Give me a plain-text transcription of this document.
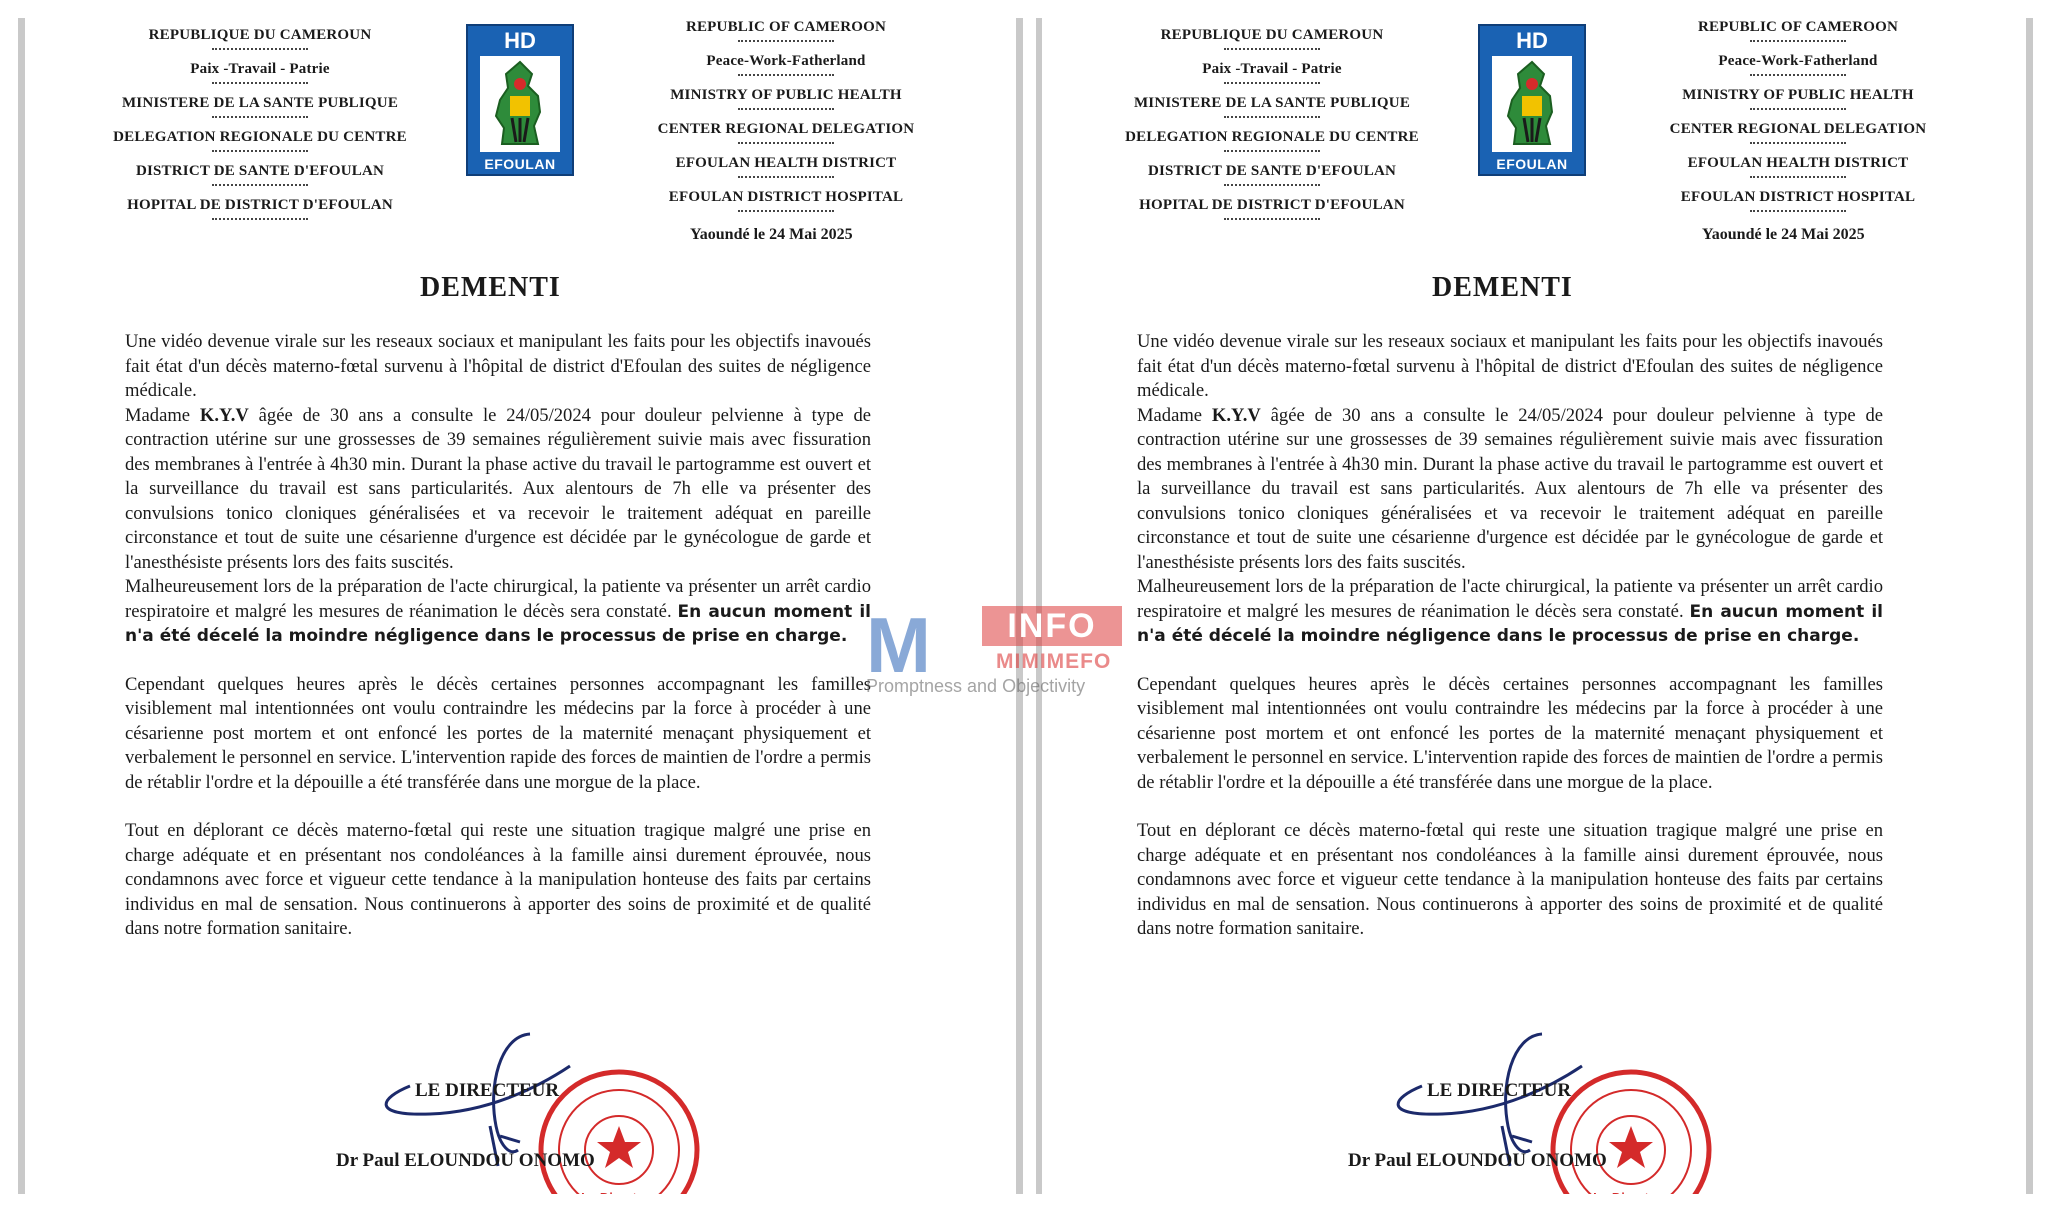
REPUBLIQUE DU CAMEROUN
Paix -Travail - Patrie
MINISTERE DE LA SANTE PUBLIQUE
DELEGATION REGIONALE DU CENTRE
DISTRICT DE SANTE D'EFOULAN
HOPITAL DE DISTRICT D'EFOULAN
HD
EFOULAN
REPUBLIC OF CAMEROON
Peace-Work-Fatherland
MINISTRY OF PUBLIC HEALTH
CENTER REGIONAL DELEGATION
EFOULAN HEALTH DISTRICT
EFOULAN DISTRICT HOSPITAL
Yaoundé le 24 Mai 2025
DEMENTI

Une vidéo devenue virale sur les reseaux sociaux et manipulant les faits pour les objectifs inavoués fait état d'un décès materno-fœtal survenu à l'hôpital de district d'Efoulan des suites de négligence médicale.

Madame K.Y.V âgée de 30 ans a consulte le 24/05/2024 pour douleur pelvienne à type de contraction utérine sur une grossesses de 39 semaines régulièrement suivie mais avec fissuration des membranes à l'entrée à 4h30 min. Durant la phase active du travail le partogramme est ouvert et la surveillance du travail est sans particularités. Aux alentours de 7h elle va présenter des convulsions tonico cloniques généralisées et va recevoir le traitement adéquat en pareille circonstance et tout de suite une césarienne d'urgence est décidée par le gynécologue de garde et l'anesthésiste présents lors des faits suscités.

Malheureusement lors de la préparation de l'acte chirurgical, la patiente va présenter un arrêt cardio respiratoire et malgré les mesures de réanimation le décès sera constaté. En aucun moment il n'a été décelé la moindre négligence dans le processus de prise en charge.

Cependant quelques heures après le décès certaines personnes accompagnant les familles visiblement mal intentionnées ont voulu contraindre les médecins par la force à procéder à une césarienne post mortem et ont enfoncé les portes de la maternité menaçant physiquement et verbalement le personnel en service. L'intervention rapide des forces de maintien de l'ordre a permis de rétablir l'ordre et la dépouille a été transférée dans une morgue de la place.

Tout en déplorant ce décès materno-fœtal qui reste une situation tragique malgré une prise en charge adéquate et en présentant nos condoléances à la famille ainsi durement éprouvée, nous condamnons avec force et vigueur cette tendance à la manipulation honteuse des faits par certains individus en mal de sensation. Nous continuerons à apporter des soins de proximité et de qualité dans notre formation sanitaire.

Le Directeur
LE DIRECTEUR
Dr Paul ELOUNDOU ONOMO
REPUBLIQUE DU CAMEROUN
Paix -Travail - Patrie
MINISTERE DE LA SANTE PUBLIQUE
DELEGATION REGIONALE DU CENTRE
DISTRICT DE SANTE D'EFOULAN
HOPITAL DE DISTRICT D'EFOULAN
HD
EFOULAN
REPUBLIC OF CAMEROON
Peace-Work-Fatherland
MINISTRY OF PUBLIC HEALTH
CENTER REGIONAL DELEGATION
EFOULAN HEALTH DISTRICT
EFOULAN DISTRICT HOSPITAL
Yaoundé le 24 Mai 2025
DEMENTI

Une vidéo devenue virale sur les reseaux sociaux et manipulant les faits pour les objectifs inavoués fait état d'un décès materno-fœtal survenu à l'hôpital de district d'Efoulan des suites de négligence médicale.

Madame K.Y.V âgée de 30 ans a consulte le 24/05/2024 pour douleur pelvienne à type de contraction utérine sur une grossesses de 39 semaines régulièrement suivie mais avec fissuration des membranes à l'entrée à 4h30 min. Durant la phase active du travail le partogramme est ouvert et la surveillance du travail est sans particularités. Aux alentours de 7h elle va présenter des convulsions tonico cloniques généralisées et va recevoir le traitement adéquat en pareille circonstance et tout de suite une césarienne d'urgence est décidée par le gynécologue de garde et l'anesthésiste présents lors des faits suscités.

Malheureusement lors de la préparation de l'acte chirurgical, la patiente va présenter un arrêt cardio respiratoire et malgré les mesures de réanimation le décès sera constaté. En aucun moment il n'a été décelé la moindre négligence dans le processus de prise en charge.

Cependant quelques heures après le décès certaines personnes accompagnant les familles visiblement mal intentionnées ont voulu contraindre les médecins par la force à procéder à une césarienne post mortem et ont enfoncé les portes de la maternité menaçant physiquement et verbalement le personnel en service. L'intervention rapide des forces de maintien de l'ordre a permis de rétablir l'ordre et la dépouille a été transférée dans une morgue de la place.

Tout en déplorant ce décès materno-fœtal qui reste une situation tragique malgré une prise en charge adéquate et en présentant nos condoléances à la famille ainsi durement éprouvée, nous condamnons avec force et vigueur cette tendance à la manipulation honteuse des faits par certains individus en mal de sensation. Nous continuerons à apporter des soins de proximité et de qualité dans notre formation sanitaire.

Le Directeur
LE DIRECTEUR
Dr Paul ELOUNDOU ONOMO
M	INFO
MIMIMEFO
Promptness and Objectivity
